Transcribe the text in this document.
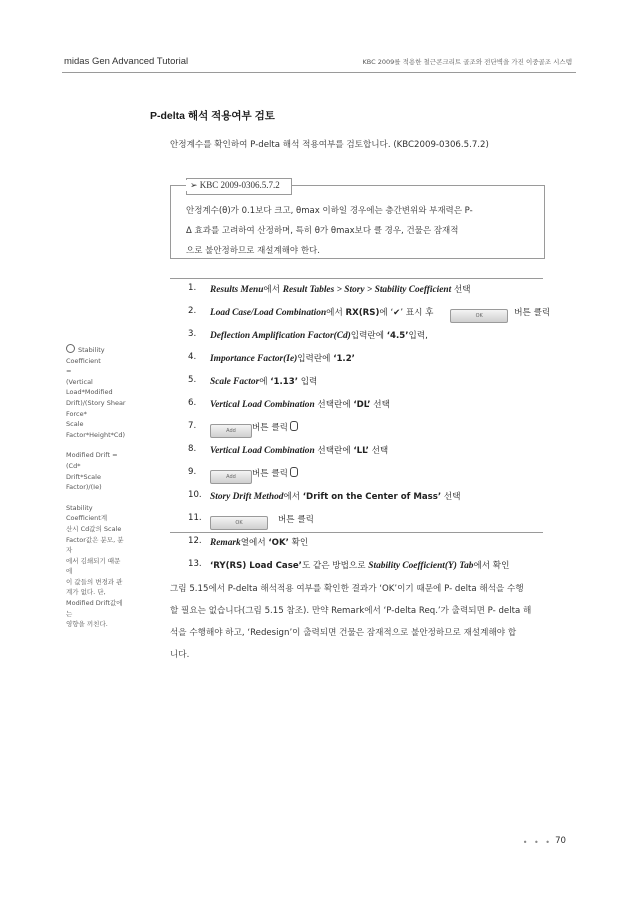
midas Gen Advanced Tutorial	KBC 2009를 적용한 철근콘크리트 골조와 전단벽을 가진 이중골조 시스템
P-delta 해석 적용여부 검토
안정계수를 확인하여 P-delta 해석 적용여부를 검토합니다. (KBC2009-0306.5.7.2)
➢ KBC 2009-0306.5.7.2
안정계수(θ)가 0.1보다 크고, θmax 이하일 경우에는 층간변위와 부재력은 P-
Δ 효과를 고려하여 산정하며, 특히 θ가 θmax보다 클 경우, 건물은 잠재적
으로 불안정하므로 재설계해야 한다.

Stability Coefficient

=

(Vertical

Load*Modified

Drift)/(Story Shear Force*

Scale Factor*Height*Cd)

Modified Drift = (Cd*

Drift*Scale Factor)/(Ie)

Stability Coefficient계

산시 Cd값의 Scale

Factor값은 분모, 분자

에서 김쇄되기 때문에

이 값들의 변경과 관

계가 없다. 단,

Modified Drift값에는

영향을 끼친다.

1.	Results Menu에서 Result Tables > Story > Stability Coefficient 선택
2.	Load Case/Load Combination에서 RX(RS)에 ‘✔’ 표시 후	OK	버튼 클릭
3.	Deflection Amplification Factor(Cd)입력란에 ‘4.5’입력,
4.	Importance Factor(Ie)입력란에 ‘1.2’
5.	Scale Factor에 ‘1.13’ 입력
6.	Vertical Load Combination 선택란에 ‘DL’ 선택
7.	Add 버튼 클릭
8.	Vertical Load Combination 선택란에 ‘LL’ 선택
9.	Add 버튼 클릭
10. Story Drift Method에서 ‘Drift on the Center of Mass’ 선택
11.	OK	버튼 클릭
12. Remark열에서 ‘OK’ 확인
13. ‘RY(RS) Load Case’도 같은 방법으로 Stability Coefficient(Y) Tab에서 확인
그림 5.15에서 P-delta 해석적용 여부를 확인한 결과가 ‘OK’이기 때문에 P- delta 해석을 수행
할 필요는 없습니다(그림 5.15 참조). 만약 Remark에서 ‘P-delta Req.’가 출력되면 P- delta 해
석을 수행해야 하고, ‘Redesign’이 출력되면 건물은 잠재적으로 불안정하므로 재설계해야 합
니다.
• • • 70
